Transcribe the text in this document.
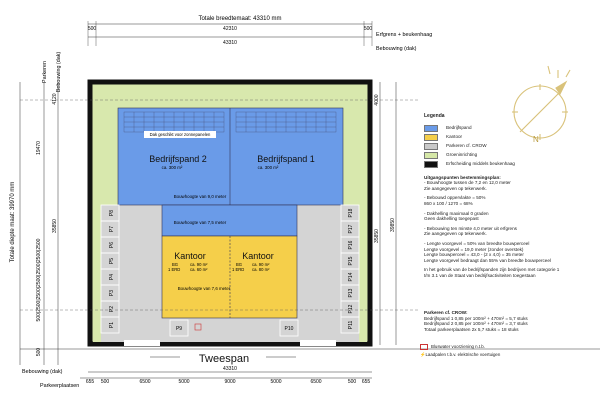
Totale breedtemaat: 43310 mm
500	42310	500
43310
Erfgrens + beukenhaag
Bebouwing (dak)
Parkeren Bebouwing (dak)
Totale diepte maat: 39970 mm
4120
19470
35850
500|2500|2500|2500|2500|2500|2500
500
4000
39850
35850
Dak geschikt voor zonnepanelen
Bedrijfspand 2
ca. 300 m²
Bedrijfspand 1
ca. 300 m²
Bouwhoogte van 9,0 meter
Bouwhoogte van 7,5 meter
Kantoor
BG	ca. 90 m²
1 ERD ca. 60 m²
Kantoor
BG ca. 90 m²
1 ERD ca. 80 m²
Bouwhoogte van 7,6 meter
P8
P7
P6
P5
P4
P3
P2
P1
P18
P17
P16
P15
P14
P13
P12
P11
P9	P10
Tweespan
43310
Bebouwing (dak)
Parkeerplaatsen
655 500	6500	5000	9000	5000	6500	500 655
N
Legenda
Bedrijfspand
Kantoor
Parkeren cf. CROW
Groeninrichting
Erfscheiding middels beukenhaag
Uitgangspunten bestemmingsplan:

- Bouwhoogte tussen de 7,2 en 12,0 meter

Zie aangegeven op tekenwerk.

- Bebouwd oppervlakte = 50%

860 x 100 / 1270 = 68%

- Dakhelling maximaal 0 graden

Geen dakhelling toegepast

- Bebouwing ten minste 4,0 meter uit erfgrens

Zie aangegeven op tekenwerk.

- Lengte voorgevel = 50% van breedte bouwperceel

Lengte voorgevel = 19,0 meter (zonder overstek)

Lengte bouwperceel = 43,0 - (2 x 4,0) = 35 meter

Lengte voorgevel bedraagt dan 55% van breedte bouwperceel

In het gebruik van de bedrijfspanden zijn bedrijven met categorie 1

t/m 3.1 van de Staat van bedrijfsactiviteiten toegestaan

Parkeren cf. CROW:

Bedrijfspand 1 0,85 per 100m² + 470m² = 5,7 stuks

Bedrijfspand 2 0,85 per 100m² + 470m² = 3,7 stuks

Totaal parkeerplaatsen 2x 5,7 stuks = 18 stuks

Bluswater voorziening n.t.b.
⚡Laadpalen t.b.v. elektrische voertuigen
